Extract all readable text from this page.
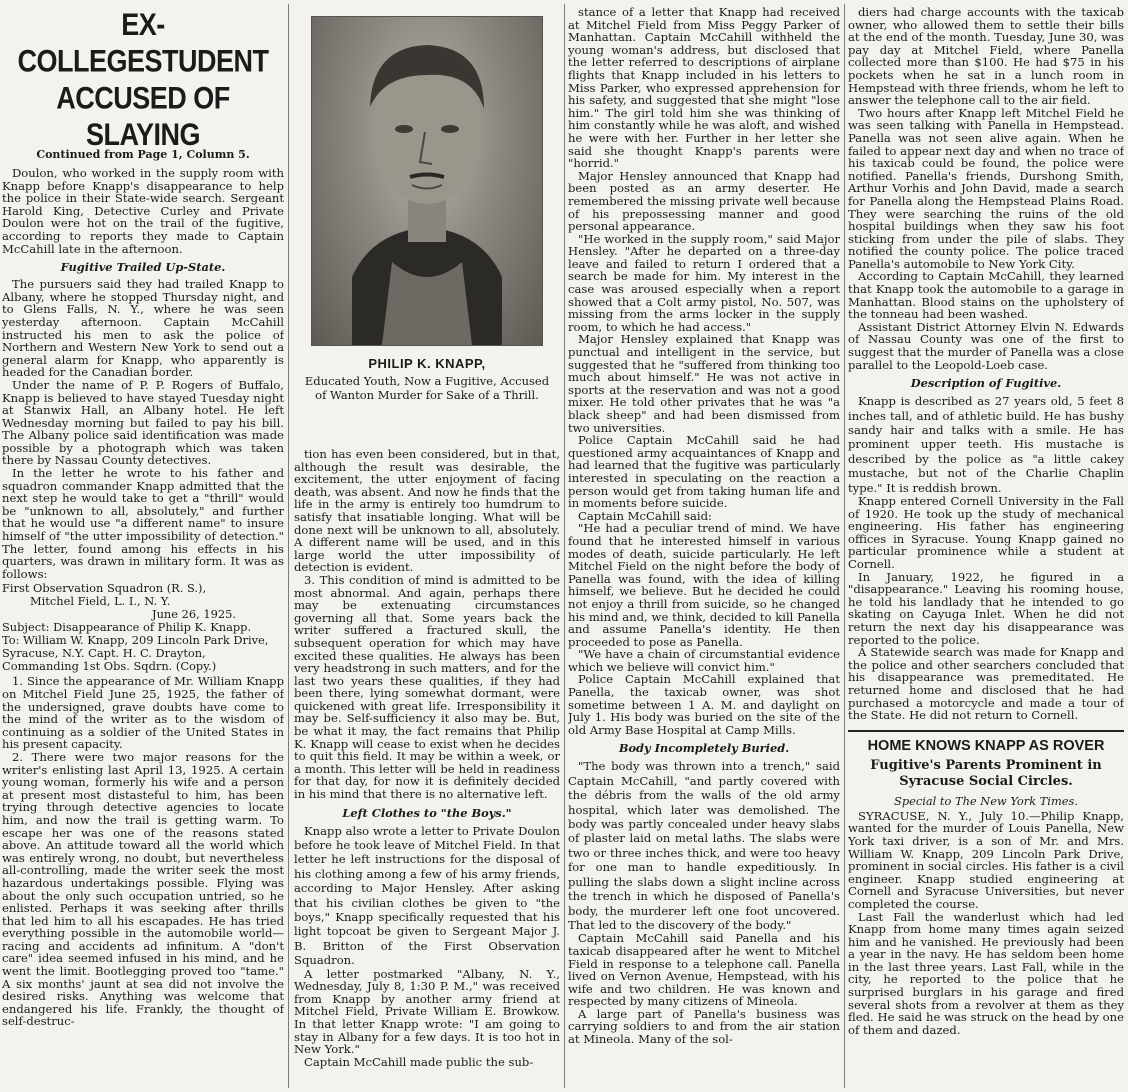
EX-COLLEGESTUDENT ACCUSED OF SLAYING
Continued from Page 1, Column 5.

Doulon, who worked in the supply room with Knapp before Knapp's disappearance to help the police in their State-wide search. Sergeant Harold King, Detective Curley and Private Doulon were hot on the trail of the fugitive, according to reports they made to Captain McCahill late in the afternoon.

Fugitive Trailed Up-State.

The pursuers said they had trailed Knapp to Albany, where he stopped Thursday night, and to Glens Falls, N. Y., where he was seen yesterday afternoon. Captain McCahill instructed his men to ask the police of Northern and Western New York to send out a general alarm for Knapp, who apparently is headed for the Canadian border.

Under the name of P. P. Rogers of Buffalo, Knapp is believed to have stayed Tuesday night at Stanwix Hall, an Albany hotel. He left Wednesday morning but failed to pay his bill. The Albany police said identification was made possible by a photograph which was taken there by Nassau County detectives.

In the letter he wrote to his father and squadron commander Knapp admitted that the next step he would take to get a "thrill" would be "unknown to all, absolutely," and further that he would use "a different name" to insure himself of "the utter impossibility of detection." The letter, found among his effects in his quarters, was drawn in military form. It was as follows:

First Observation Squadron (R. S.),
Mitchel Field, L. I., N. Y.
June 26, 1925.
Subject: Disappearance of Philip K. Knapp.
To: William W. Knapp, 209 Lincoln Park Drive, Syracuse, N.Y. Capt. H. C. Drayton, Commanding 1st Obs. Sqdrn. (Copy.)

1. Since the appearance of Mr. William Knapp on Mitchel Field June 25, 1925, the father of the undersigned, grave doubts have come to the mind of the writer as to the wisdom of continuing as a soldier of the United States in his present capacity.

2. There were two major reasons for the writer's enlisting last April 13, 1925. A certain young woman, formerly his wife and a person at present most distasteful to him, has been trying through detective agencies to locate him, and now the trail is getting warm. To escape her was one of the reasons stated above. An attitude toward all the world which was entirely wrong, no doubt, but nevertheless all-controlling, made the writer seek the most hazardous undertakings possible. Flying was about the only such occupation untried, so he enlisted. Perhaps it was seeking after thrills that led him to all his escapades. He has tried everything possible in the automobile world—racing and accidents ad infinitum. A "don't care" idea seemed infused in his mind, and he went the limit. Bootlegging proved too "tame." A six months' jaunt at sea did not involve the desired risks. Anything was welcome that endangered his life. Frankly, the thought of self-destruc-

PHILIP K. KNAPP,
Educated Youth, Now a Fugitive, Accused of Wanton Murder for Sake of a Thrill.

tion has even been considered, but in that, although the result was desirable, the excitement, the utter enjoyment of facing death, was absent. And now he finds that the life in the army is entirely too humdrum to satisfy that insatiable longing. What will be done next will be unknown to all, absolutely. A different name will be used, and in this large world the utter impossibility of detection is evident.

3. This condition of mind is admitted to be most abnormal. And again, perhaps there may be extenuating circumstances governing all that. Some years back the writer suffered a fractured skull, the subsequent operation for which may have excited these qualities. He always has been very headstrong in such matters, and for the last two years these qualities, if they had been there, lying somewhat dormant, were quickened with great life. Irresponsibility it may be. Self-sufficiency it also may be. But, be what it may, the fact remains that Philip K. Knapp will cease to exist when he decides to quit this field. It may be within a week, or a month. This letter will be held in readiness for that day, for now it is definitely decided in his mind that there is no alternative left.

Left Clothes to "the Boys."

Knapp also wrote a letter to Private Doulon before he took leave of Mitchel Field. In that letter he left instructions for the disposal of his clothing among a few of his army friends, according to Major Hensley. After asking that his civilian clothes be given to "the boys," Knapp specifically requested that his light topcoat be given to Sergeant Major J. B. Britton of the First Observation Squadron.

A letter postmarked "Albany, N. Y., Wednesday, July 8, 1:30 P. M.," was received from Knapp by another army friend at Mitchel Field, Private William E. Browkow. In that letter Knapp wrote: "I am going to stay in Albany for a few days. It is too hot in New York."

Captain McCahill made public the sub-

stance of a letter that Knapp had received at Mitchel Field from Miss Peggy Parker of Manhattan. Captain McCahill withheld the young woman's address, but disclosed that the letter referred to descriptions of airplane flights that Knapp included in his letters to Miss Parker, who expressed apprehension for his safety, and suggested that she might "lose him." The girl told him she was thinking of him constantly while he was aloft, and wished he were with her. Further in her letter she said she thought Knapp's parents were "horrid."

Major Hensley announced that Knapp had been posted as an army deserter. He remembered the missing private well because of his prepossessing manner and good personal appearance.

"He worked in the supply room," said Major Hensley. "After he departed on a three-day leave and failed to return I ordered that a search be made for him. My interest in the case was aroused especially when a report showed that a Colt army pistol, No. 507, was missing from the arms locker in the supply room, to which he had access."

Major Hensley explained that Knapp was punctual and intelligent in the service, but suggested that he "suffered from thinking too much about himself." He was not active in sports at the reservation and was not a good mixer. He told other privates that he was "a black sheep" and had been dismissed from two universities.

Police Captain McCahill said he had questioned army acquaintances of Knapp and had learned that the fugitive was particularly interested in speculating on the reaction a person would get from taking human life and in moments before suicide.

Captain McCahill said:

"He had a peculiar trend of mind. We have found that he interested himself in various modes of death, suicide particularly. He left Mitchel Field on the night before the body of Panella was found, with the idea of killing himself, we believe. But he decided he could not enjoy a thrill from suicide, so he changed his mind and, we think, decided to kill Panella and assume Panella's identity. He then proceeded to pose as Panella.

"We have a chain of circumstantial evidence which we believe will convict him."

Police Captain McCahill explained that Panella, the taxicab owner, was shot sometime between 1 A. M. and daylight on July 1. His body was buried on the site of the old Army Base Hospital at Camp Mills.

Body Incompletely Buried.

"The body was thrown into a trench," said Captain McCahill, "and partly covered with the débris from the walls of the old army hospital, which later was demolished. The body was partly concealed under heavy slabs of plaster laid on metal laths. The slabs were two or three inches thick, and were too heavy for one man to handle expeditiously. In pulling the slabs down a slight incline across the trench in which he disposed of Panella's body, the murderer left one foot uncovered. That led to the discovery of the body."

Captain McCahill said Panella and his taxicab disappeared after he went to Mitchel Field in response to a telephone call. Panella lived on Vernon Avenue, Hempstead, with his wife and two children. He was known and respected by many citizens of Mineola.

A large part of Panella's business was carrying soldiers to and from the air station at Mineola. Many of the sol-

diers had charge accounts with the taxicab owner, who allowed them to settle their bills at the end of the month. Tuesday, June 30, was pay day at Mitchel Field, where Panella collected more than $100. He had $75 in his pockets when he sat in a lunch room in Hempstead with three friends, whom he left to answer the telephone call to the air field.

Two hours after Knapp left Mitchel Field he was seen talking with Panella in Hempstead. Panella was not seen alive again. When he failed to appear next day and when no trace of his taxicab could be found, the police were notified. Panella's friends, Durshong Smith, Arthur Vorhis and John David, made a search for Panella along the Hempstead Plains Road. They were searching the ruins of the old hospital buildings when they saw his foot sticking from under the pile of slabs. They notified the county police. The police traced Panella's automobile to New York City.

According to Captain McCahill, they learned that Knapp took the automobile to a garage in Manhattan. Blood stains on the upholstery of the tonneau had been washed.

Assistant District Attorney Elvin N. Edwards of Nassau County was one of the first to suggest that the murder of Panella was a close parallel to the Leopold-Loeb case.

Description of Fugitive.

Knapp is described as 27 years old, 5 feet 8 inches tall, and of athletic build. He has bushy sandy hair and talks with a smile. He has prominent upper teeth. His mustache is described by the police as "a little cakey mustache, but not of the Charlie Chaplin type." It is reddish brown.

Knapp entered Cornell University in the Fall of 1920. He took up the study of mechanical engineering. His father has engineering offices in Syracuse. Young Knapp gained no particular prominence while a student at Cornell.

In January, 1922, he figured in a "disappearance." Leaving his rooming house, he told his landlady that he intended to go skating on Cayuga Inlet. When he did not return the next day his disappearance was reported to the police.

A Statewide search was made for Knapp and the police and other searchers concluded that his disappearance was premeditated. He returned home and disclosed that he had purchased a motorcycle and made a tour of the State. He did not return to Cornell.

HOME KNOWS KNAPP AS ROVER
Fugitive's Parents Prominent in Syracuse Social Circles.
Special to The New York Times.

SYRACUSE, N. Y., July 10.—Philip Knapp, wanted for the murder of Louis Panella, New York taxi driver, is a son of Mr. and Mrs. William W. Knapp, 209 Lincoln Park Drive, prominent in social circles. His father is a civil engineer. Knapp studied engineering at Cornell and Syracuse Universities, but never completed the course.

Last Fall the wanderlust which had led Knapp from home many times again seized him and he vanished. He previously had been a year in the navy. He has seldom been home in the last three years. Last Fall, while in the city, he reported to the police that he surprised burglars in his garage and fired several shots from a revolver at them as they fled. He said he was struck on the head by one of them and dazed.
